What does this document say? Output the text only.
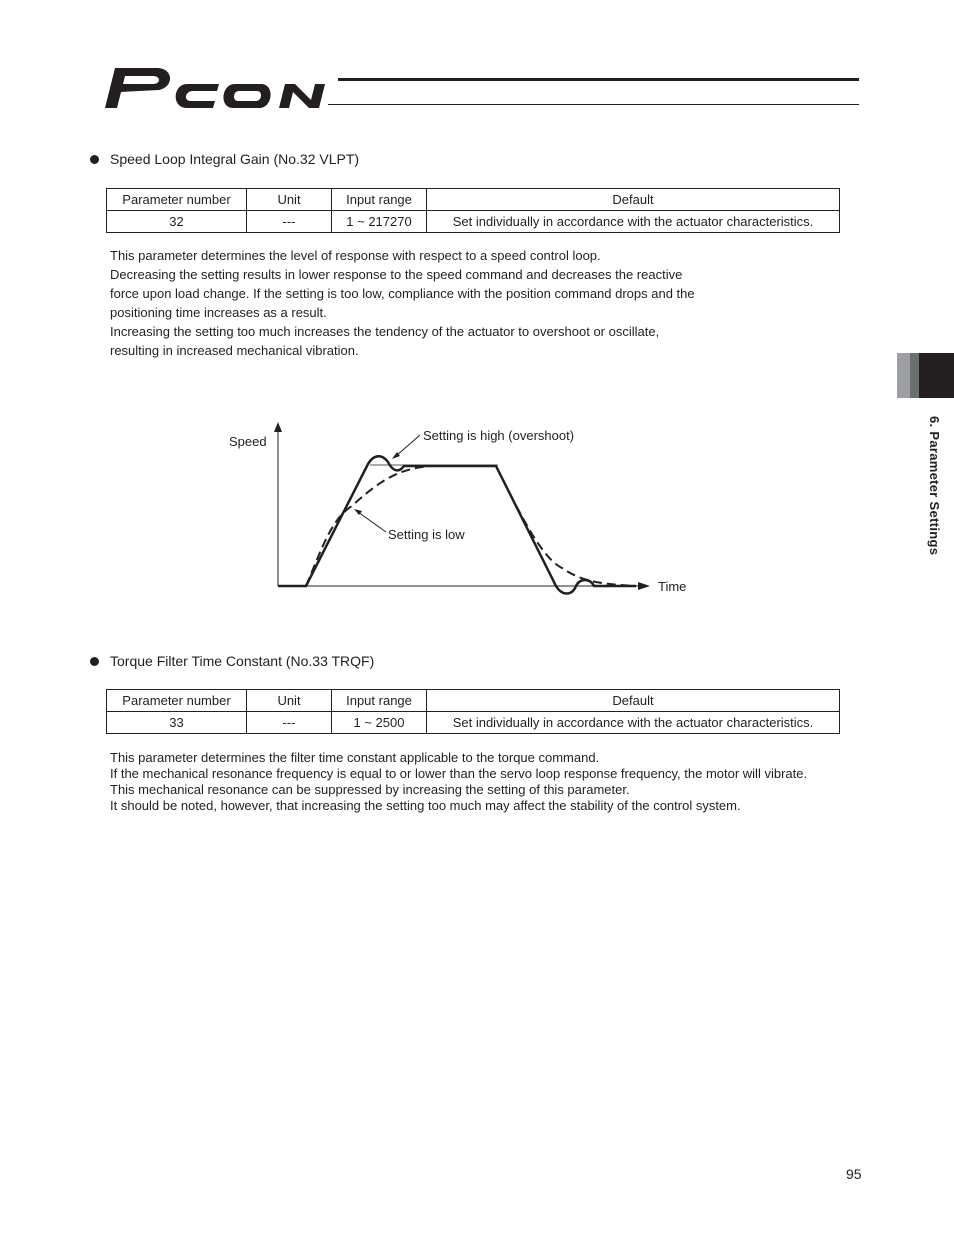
Speed Loop Integral Gain (No.32 VLPT)
Parameter number	Unit	Input range	Default
32	---	1 ~ 217270	Set individually in accordance with the actuator characteristics.
This parameter determines the level of response with respect to a speed control loop.
Decreasing the setting results in lower response to the speed command and decreases the reactive
force upon load change. If the setting is too low, compliance with the position command drops and the
positioning time increases as a result.
Increasing the setting too much increases the tendency of the actuator to overshoot or oscillate,
resulting in increased mechanical vibration.
Speed
Time
Setting is high (overshoot)
Setting is low
Torque Filter Time Constant (No.33 TRQF)
Parameter number	Unit	Input range	Default
33	---	1 ~ 2500	Set individually in accordance with the actuator characteristics.
This parameter determines the filter time constant applicable to the torque command.
If the mechanical resonance frequency is equal to or lower than the servo loop response frequency, the motor will vibrate.
This mechanical resonance can be suppressed by increasing the setting of this parameter.
It should be noted, however, that increasing the setting too much may affect the stability of the control system.
6. Parameter Settings
95
